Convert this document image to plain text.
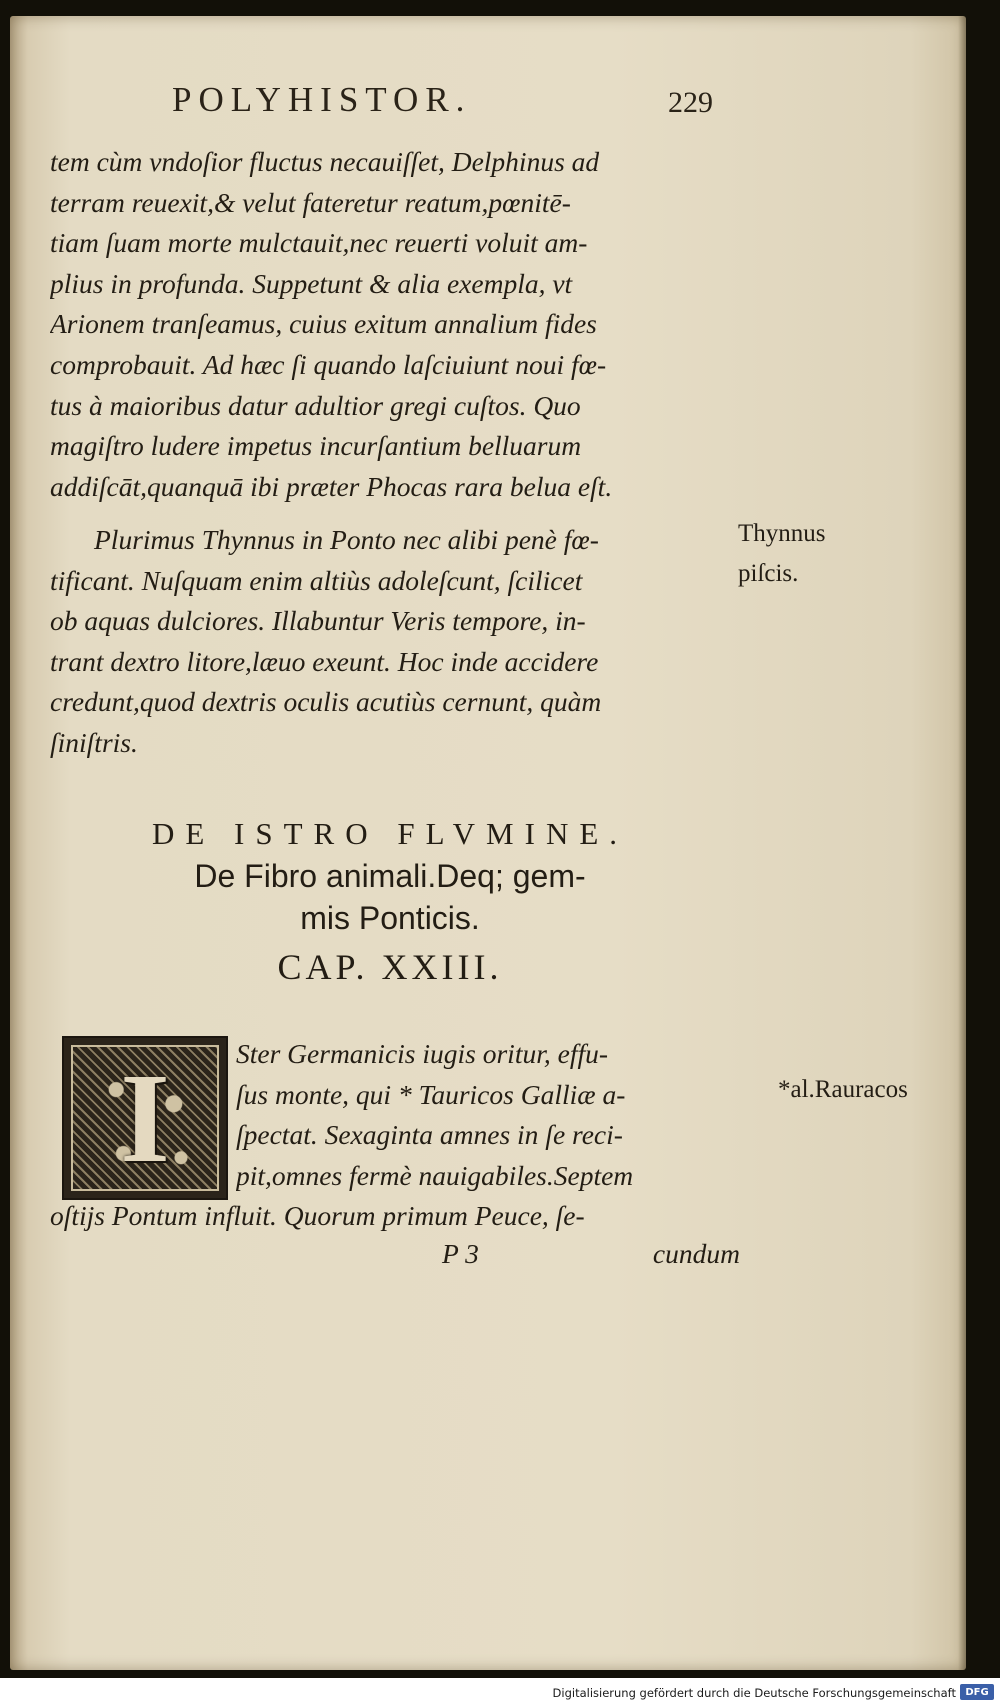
POLYHISTOR.	229
tem cùm vndoſior fluctus necauiſſet, Delphinus ad
terram reuexit,& velut fateretur reatum,pœnitē-
tiam ſuam morte mulctauit,nec reuerti voluit am-
plius in profunda. Suppetunt & alia exempla, vt
Arionem tranſeamus, cuius exitum annalium fides
comprobauit. Ad hæc ſi quando laſciuiunt noui fœ-
tus à maioribus datur adultior gregi cuſtos. Quo
magiſtro ludere impetus incurſantium belluarum
addiſcāt,quanquā ibi præter Phocas rara belua eſt.
Plurimus Thynnus in Ponto nec alibi penè fœ-
tificant. Nuſquam enim altiùs adoleſcunt, ſcilicet
ob aquas dulciores. Illabuntur Veris tempore, in-
trant dextro litore,læuo exeunt. Hoc inde accidere
credunt,quod dextris oculis acutiùs cernunt, quàm
ſiniſtris.
Thynnus
piſcis.
DE ISTRO FLVMINE.
De Fibro animali.Deq; gem-
mis Ponticis.
CAP. XXIII.
I	Ster Germanicis iugis oritur, effu-
ſus monte, qui * Tauricos Galliæ a-
ſpectat. Sexaginta amnes in ſe reci-
pit,omnes fermè nauigabiles.Septem
*al.Rauracos
oſtijs Pontum influit. Quorum primum Peuce, ſe-
P 3	cundum
Digitalisierung gefördert durch die Deutsche Forschungsgemeinschaft DFG
